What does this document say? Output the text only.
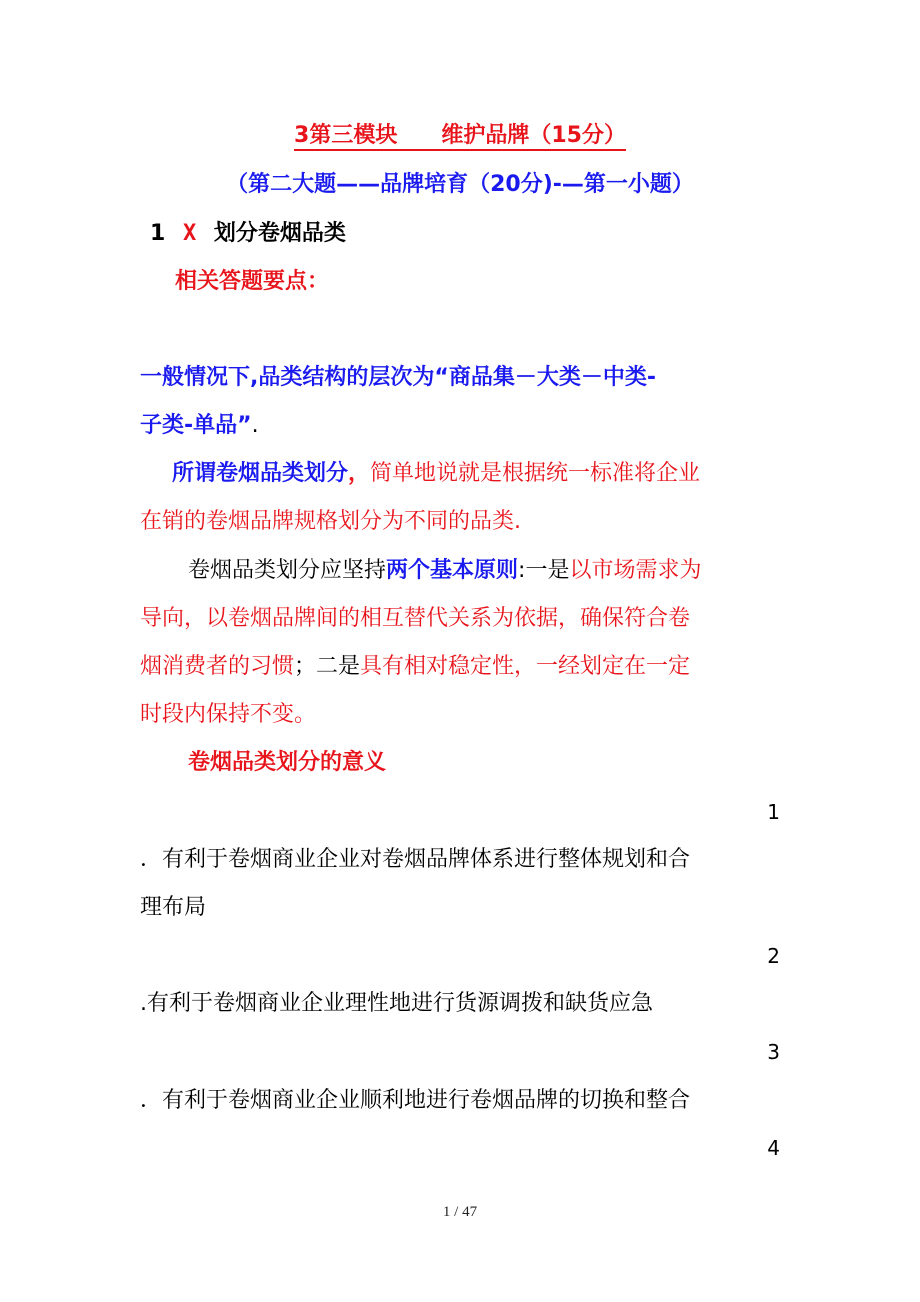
3第三模块　　维护品牌（15分）
（第二大题——品牌培育（20分)-—第一小题）
1 X 划分卷烟品类
相关答题要点：
一般情况下,品类结构的层次为“商品集－大类－中类-
子类-单品”.
所谓卷烟品类划分，简单地说就是根据统一标准将企业
在销的卷烟品牌规格划分为不同的品类.
卷烟品类划分应坚持两个基本原则:一是以市场需求为
导向，以卷烟品牌间的相互替代关系为依据，确保符合卷
烟消费者的习惯；二是具有相对稳定性，一经划定在一定
时段内保持不变。
卷烟品类划分的意义
1
．有利于卷烟商业企业对卷烟品牌体系进行整体规划和合
理布局
2
.有利于卷烟商业企业理性地进行货源调拨和缺货应急
3
．有利于卷烟商业企业顺利地进行卷烟品牌的切换和整合
4
1 / 47
